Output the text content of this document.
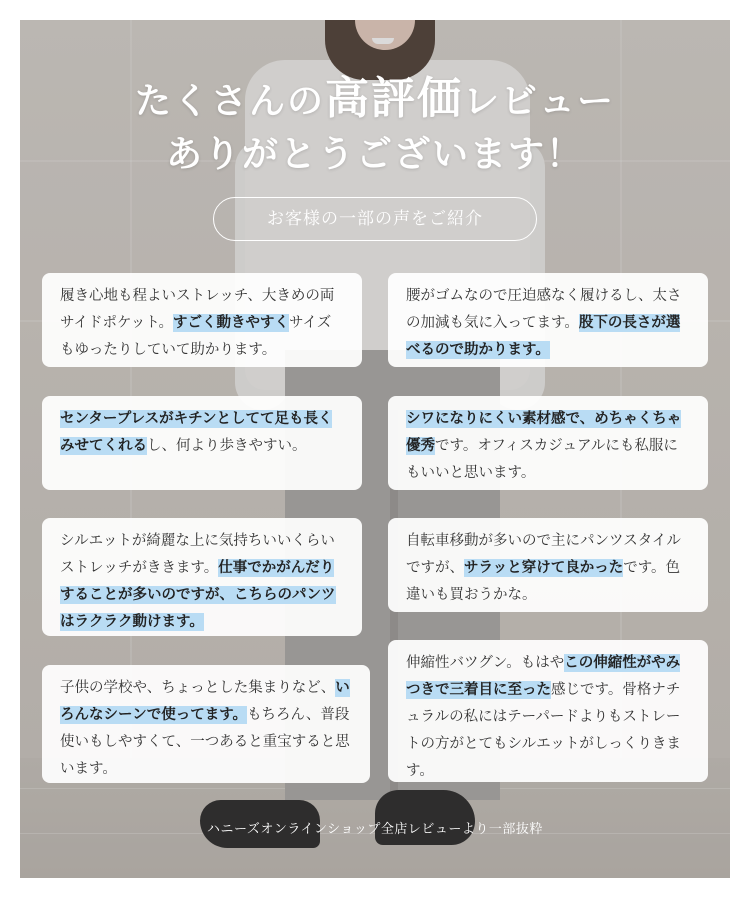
たくさんの高評価レビュー
ありがとうございます！
お客様の一部の声をご紹介
履き心地も程よいストレッチ、大きめの両サイドポケット。すごく動きやすくサイズもゆったりしていて助かります。
腰がゴムなので圧迫感なく履けるし、太さの加減も気に入ってます。股下の長さが選べるので助かります。
センタープレスがキチンとしてて足も長くみせてくれるし、何より歩きやすい。
シワになりにくい素材感で、めちゃくちゃ優秀です。オフィスカジュアルにも私服にもいいと思います。
シルエットが綺麗な上に気持ちいいくらいストレッチがききます。仕事でかがんだりすることが多いのですが、こちらのパンツはラクラク動けます。
自転車移動が多いので主にパンツスタイルですが、サラッと穿けて良かったです。色違いも買おうかな。
子供の学校や、ちょっとした集まりなど、いろんなシーンで使ってます。もちろん、普段使いもしやすくて、一つあると重宝すると思います。
伸縮性バツグン。もはやこの伸縮性がやみつきで三着目に至った感じです。骨格ナチュラルの私にはテーパードよりもストレートの方がとてもシルエットがしっくりきます。
ハニーズオンラインショップ全店レビューより一部抜粋
